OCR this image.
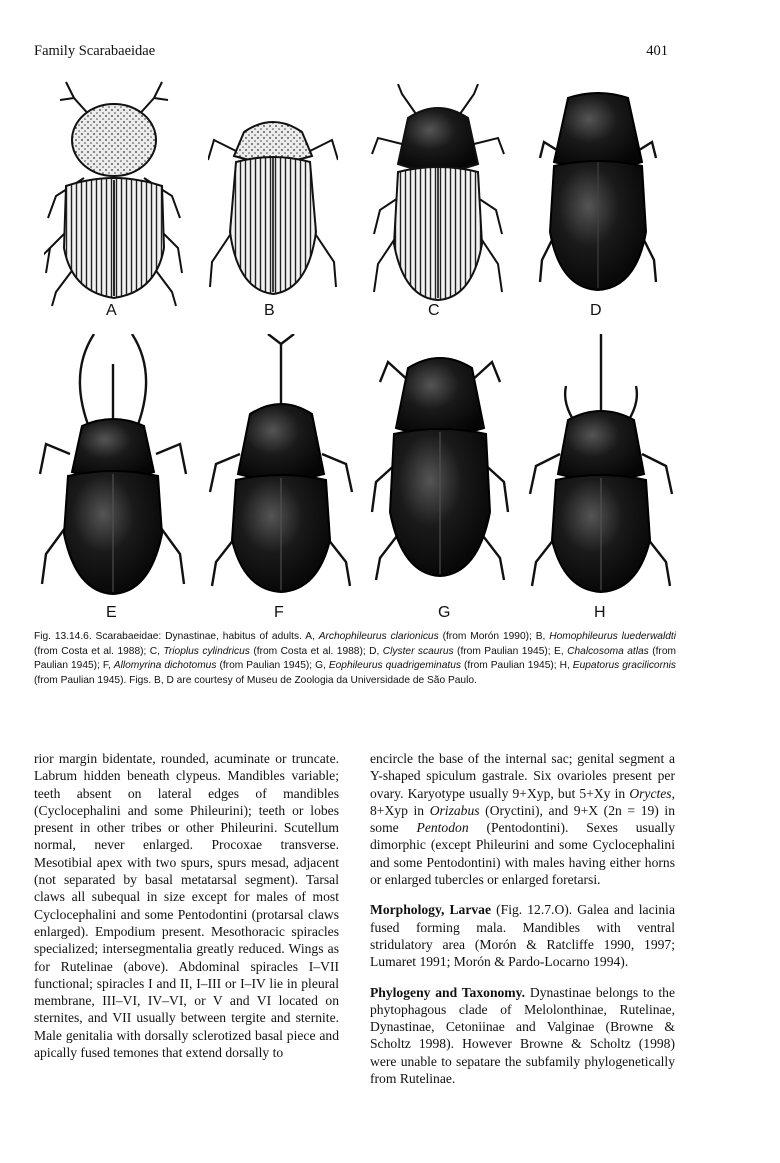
Family Scarabaeidae	401
A	B	C	D
E	F	G	H
Fig. 13.14.6. Scarabaeidae: Dynastinae, habitus of adults. A, Archophileurus clarionicus (from Morón 1990); B, Homophileurus luederwaldti (from Costa et al. 1988); C, Trioplus cylindricus (from Costa et al. 1988); D, Clyster scaurus (from Paulian 1945); E, Chalcosoma atlas (from Paulian 1945); F, Allomyrina dichotomus (from Paulian 1945); G, Eophileurus quadrigeminatus (from Paulian 1945); H, Eupatorus gracilicornis (from Paulian 1945). Figs. B, D are courtesy of Museu de Zoologia da Universidade de São Paulo.

rior margin bidentate, rounded, acuminate or truncate. Labrum hidden beneath clypeus. Mandibles variable; teeth absent on lateral edges of mandibles (Cyclocephalini and some Phileurini); teeth or lobes present in other tribes or other Phileurini. Scutellum normal, never enlarged. Procoxae transverse. Mesotibial apex with two spurs, spurs mesad, adjacent (not separated by basal metatarsal segment). Tarsal claws all subequal in size except for males of most Cyclocephalini and some Pentodontini (protarsal claws enlarged). Empodium present. Mesothoracic spiracles specialized; intersegmentalia greatly reduced. Wings as for Rutelinae (above). Abdominal spiracles I–VII functional; spiracles I and II, I–III or I–IV lie in pleural membrane, III–VI, IV–VI, or V and VI located on sternites, and VII usually between tergite and sternite. Male genitalia with dorsally sclerotized basal piece and apically fused temones that extend dorsally to

encircle the base of the internal sac; genital segment a Y-shaped spiculum gastrale. Six ovarioles present per ovary. Karyotype usually 9+Xyp, but 5+Xy in Oryctes, 8+Xyp in Orizabus (Oryctini), and 9+X (2n = 19) in some Pentodon (Pentodontini). Sexes usually dimorphic (except Phileurini and some Cyclocephalini and some Pentodontini) with males having either horns or enlarged tubercles or enlarged foretarsi.

Morphology, Larvae (Fig. 12.7.O). Galea and lacinia fused forming mala. Mandibles with ventral stridulatory area (Morón & Ratcliffe 1990, 1997; Lumaret 1991; Morón & Pardo-Locarno 1994).

Phylogeny and Taxonomy. Dynastinae belongs to the phytophagous clade of Melolonthinae, Rutelinae, Dynastinae, Cetoniinae and Valginae (Browne & Scholtz 1998). However Browne & Scholtz (1998) were unable to sepatare the subfamily phylogenetically from Rutelinae.
